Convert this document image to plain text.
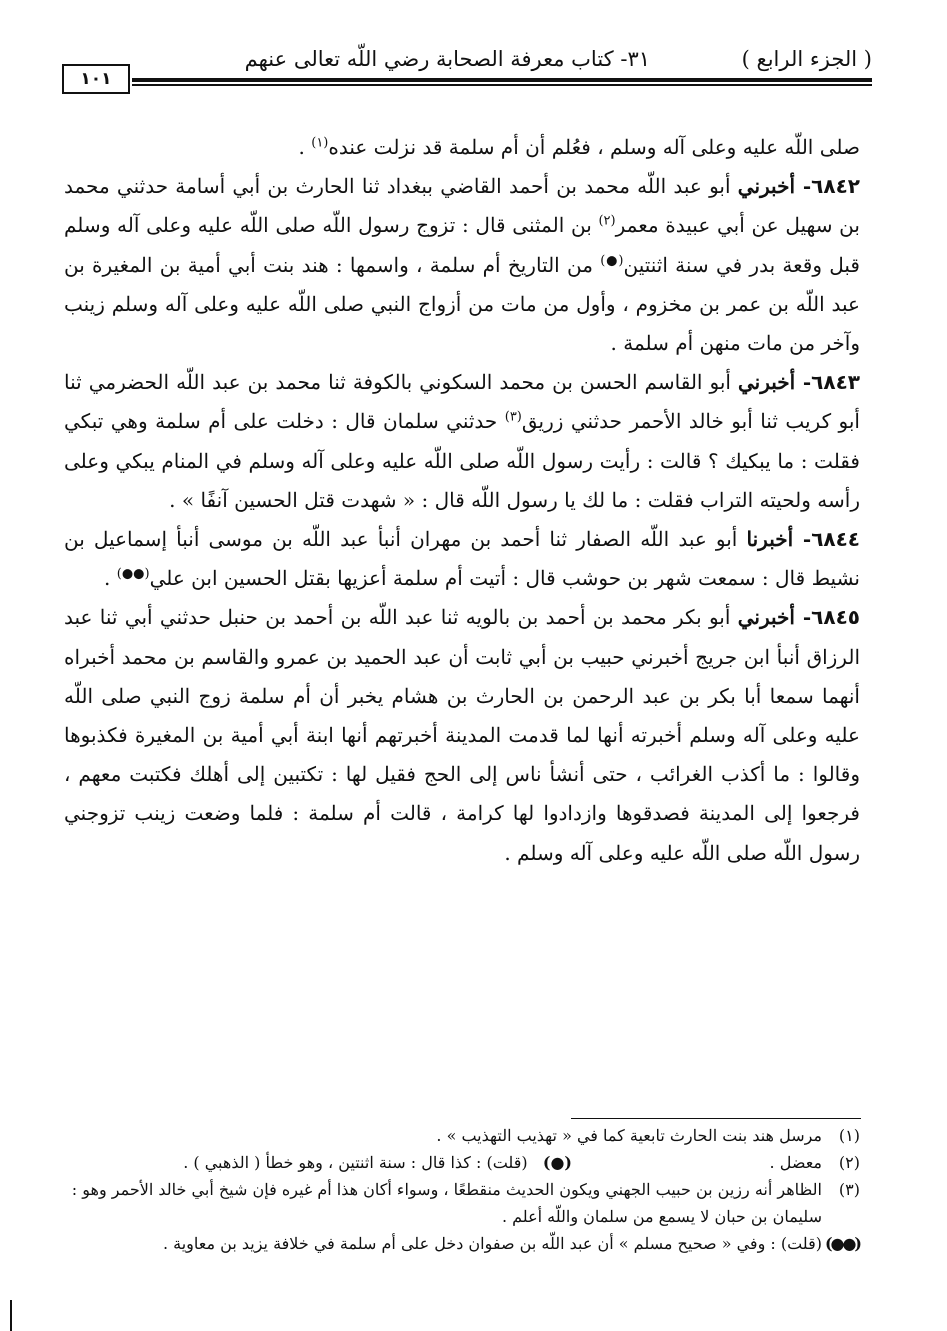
( الجزء الرابع )
٣١- كتاب معرفة الصحابة رضي اللّه تعالى عنهم
١٠١

صلى اللّه عليه وعلى آله وسلم ، فعُلم أن أم سلمة قد نزلت عنده$^{(١)}$ .

٦٨٤٢- أخبرني أبو عبد اللّه محمد بن أحمد القاضي ببغداد ثنا الحارث بن أبي أسامة حدثني محمد بن سهيل عن أبي عبيدة معمر$^{(٢)}$ بن المثنى قال : تزوج رسول اللّه صلى اللّه عليه وعلى آله وسلم قبل وقعة بدر في سنة اثنتين(●) من التاريخ أم سلمة ، واسمها : هند بنت أبي أمية بن المغيرة بن عبد اللّه بن عمر بن مخزوم ، وأول من مات من أزواج النبي صلى اللّه عليه وعلى آله وسلم زينب وآخر من مات منهن أم سلمة .

٦٨٤٣- أخبرني أبو القاسم الحسن بن محمد السكوني بالكوفة ثنا محمد بن عبد اللّه الحضرمي ثنا أبو كريب ثنا أبو خالد الأحمر حدثني زريق$^{(٣)}$ حدثني سلمان قال : دخلت على أم سلمة وهي تبكي فقلت : ما يبكيك ؟ قالت : رأيت رسول اللّه صلى اللّه عليه وعلى آله وسلم في المنام يبكي وعلى رأسه ولحيته التراب فقلت : ما لك يا رسول اللّه قال : « شهدت قتل الحسين آنفًا » .

٦٨٤٤- أخبرنا أبو عبد اللّه الصفار ثنا أحمد بن مهران أنبأ عبد اللّه بن موسى أنبأ إسماعيل بن نشيط قال : سمعت شهر بن حوشب قال : أتيت أم سلمة أعزيها بقتل الحسين ابن علي(●●) .

٦٨٤٥- أخبرني أبو بكر محمد بن أحمد بن بالويه ثنا عبد اللّه بن أحمد بن حنبل حدثني أبي ثنا عبد الرزاق أنبأ ابن جريج أخبرني حبيب بن أبي ثابت أن عبد الحميد بن عمرو والقاسم بن محمد أخبراه أنهما سمعا أبا بكر بن عبد الرحمن بن الحارث بن هشام يخبر أن أم سلمة زوج النبي صلى اللّه عليه وعلى آله وسلم أخبرته أنها لما قدمت المدينة أخبرتهم أنها ابنة أبي أمية بن المغيرة فكذبوها وقالوا : ما أكذب الغرائب ، حتى أنشأ ناس إلى الحج فقيل لها : تكتبين إلى أهلك فكتبت معهم ، فرجعوا إلى المدينة فصدقوها وازدادوا لها كرامة ، قالت أم سلمة : فلما وضعت زينب تزوجني رسول اللّه صلى اللّه عليه وعلى آله وسلم .

(١)
مرسل هند بنت الحارث تابعية كما في « تهذيب التهذيب » .
(٢)
معضل .
(●)   (قلت) : كذا قال : سنة اثنتين ، وهو خطأ ( الذهبي ) .
(٣)
الظاهر أنه رزين بن حبيب الجهني ويكون الحديث منقطعًا ، وسواء أكان هذا أم غيره فإن شيخ أبي خالد الأحمر وهو : سليمان بن حبان لا يسمع من سلمان واللّه أعلم .
(●●)
(قلت) : وفي « صحيح مسلم » أن عبد اللّه بن صفوان دخل على أم سلمة في خلافة يزيد بن معاوية .
